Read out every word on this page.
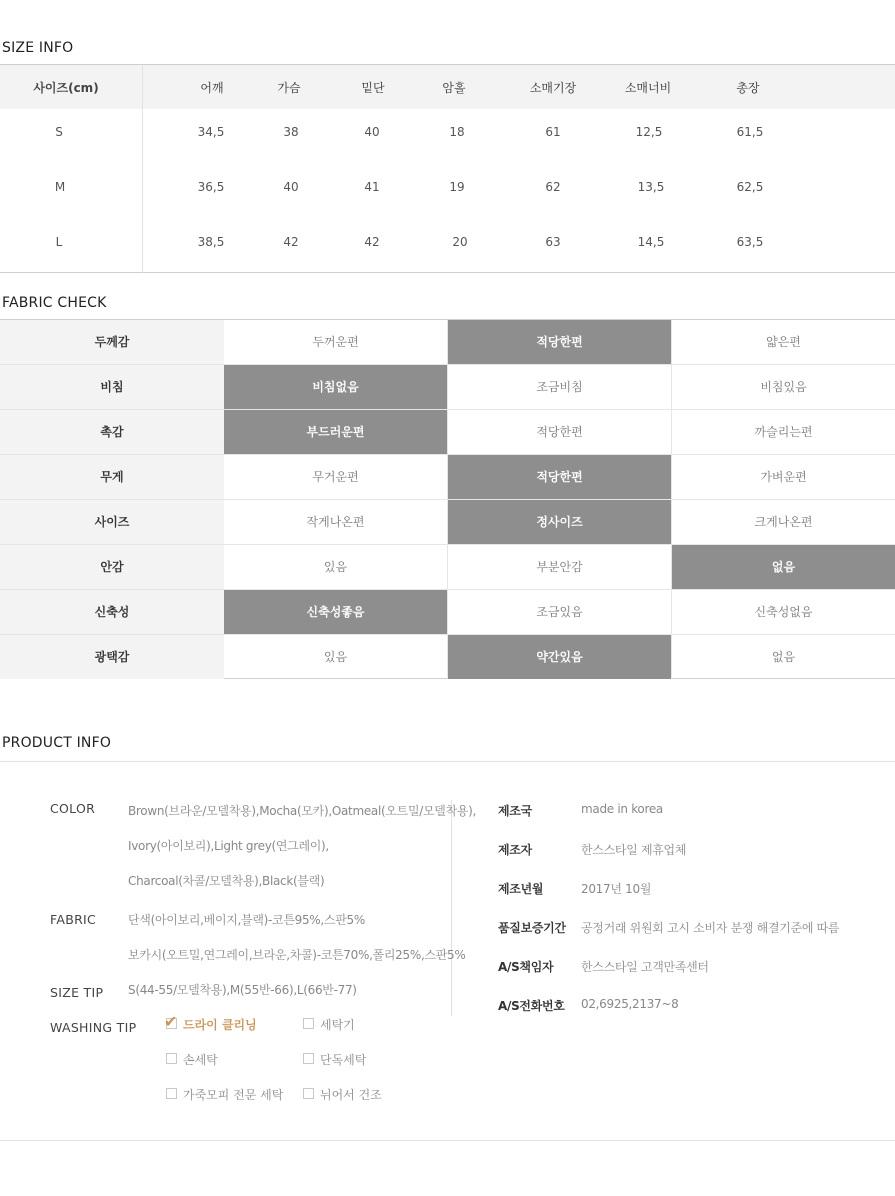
SIZE INFO
사이즈(cm)	어깨	가슴	밑단	암홀	소매기장	소매너비	총장
S	34,5	38	40	18	61	12,5	61,5
M	36,5	40	41	19	62	13,5	62,5
L	38,5	42	42	20	63	14,5	63,5
FABRIC CHECK
두께감	두꺼운편	적당한편	얇은편
비침	비침없음	조금비침	비침있음
촉감	부드러운편	적당한편	까슬리는편
무게	무거운편	적당한편	가벼운편
사이즈	작게나온편	정사이즈	크게나온편
안감	있음	부분안감	없음
신축성	신축성좋음	조금있음	신축성없음
광택감	있음	약간있음	없음
PRODUCT INFO
COLOR	Brown(브라운/모델착용),Mocha(모카),Oatmeal(오트밀/모델착용),
Ivory(아이보리),Light grey(연그레이),
Charcoal(차콜/모델착용),Black(블랙)
FABRIC	단색(아이보리,베이지,블랙)-코튼95%,스판5%
보카시(오트밀,연그레이,브라운,차콜)-코튼70%,폴리25%,스판5%
SIZE TIP S(44-55/모델착용),M(55반-66),L(66반-77)
WASHING TIP ✔ 드라이 클리닝	세탁기
손세탁	단독세탁
가죽모피 전문 세탁	뉘어서 건조
제조국	made in korea
제조자	한스스타일 제휴업체
제조년월	2017년 10월
품질보증기간 공정거래 위원회 고시 소비자 분쟁 해결기준에 따름
A/S책임자 한스스타일 고객만족센터
A/S전화번호 02,6925,2137~8
